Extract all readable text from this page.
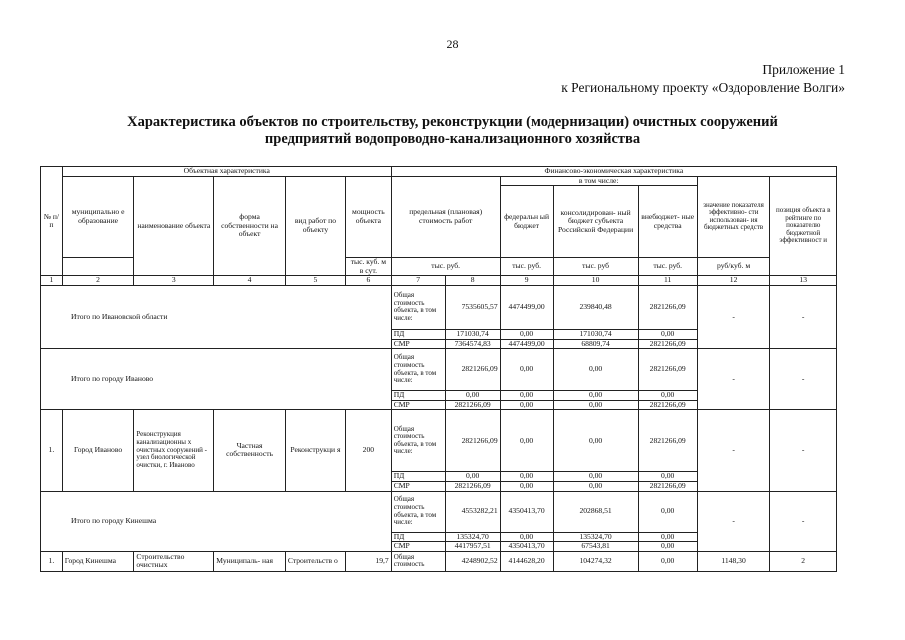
28
Приложение 1
к Региональному проекту «Оздоровление Волги»
Характеристика объектов по строительству, реконструкции (модернизации) очистных сооружений
предприятий водопроводно-канализационного хозяйства
№ п/п	Объектная характеристика					Финансово-экономическая характеристика						
	муниципально е образование	наименование объекта	форма собственности на объект	вид работ по объекту	мощность объекта	предельная (плановая) стоимость работ		в том числе:			значение показателя эффективно- сти использован- ия бюджетных средств	позиция объекта в рейтинге по показателю бюджетной эффективност и
								федеральн ый бюджет	консолидирован- ный бюджет субъекта Российской Федерации	внебюджет- ные средства		
					тыс. куб. м в сут.	тыс. руб.		тыс. руб.	тыс. руб	тыс. руб.	руб/куб. м	
1	2	3	4	5	6	7	8	9	10	11	12	13
Итого по Ивановской области						Общая стоимость объекта, в том числе:	7535605,57	4474499,00	239840,48	2821266,09	-	-
						ПД	171030,74	0,00	171030,74	0,00		
						СМР	7364574,83	4474499,00	68809,74	2821266,09		
Итого по городу Иваново						Общая стоимость объекта, в том числе:	2821266,09	0,00	0,00	2821266,09	-	-
						ПД	0,00	0,00	0,00	0,00		
						СМР	2821266,09	0,00	0,00	2821266,09		
1.	Город Иваново	Реконструкция канализационны х очистных сооружений - узел биологической очистки, г. Иваново	Частная собственность	Реконструкци я	200	Общая стоимость объекта, в том числе:	2821266,09	0,00	0,00	2821266,09	-	-
						ПД	0,00	0,00	0,00	0,00		
						СМР	2821266,09	0,00	0,00	2821266,09		
Итого по городу Кинешма						Общая стоимость объекта, в том числе:	4553282,21	4350413,70	202868,51	0,00	-	-
						ПД	135324,70	0,00	135324,70	0,00		
						СМР	4417957,51	4350413,70	67543,81	0,00		
1.	Город Кинешма	Строительство очистных	Муниципаль- ная	Строительств о	19,7	Общая стоимость	4248902,52	4144628,20	104274,32	0,00	1148,30	2
